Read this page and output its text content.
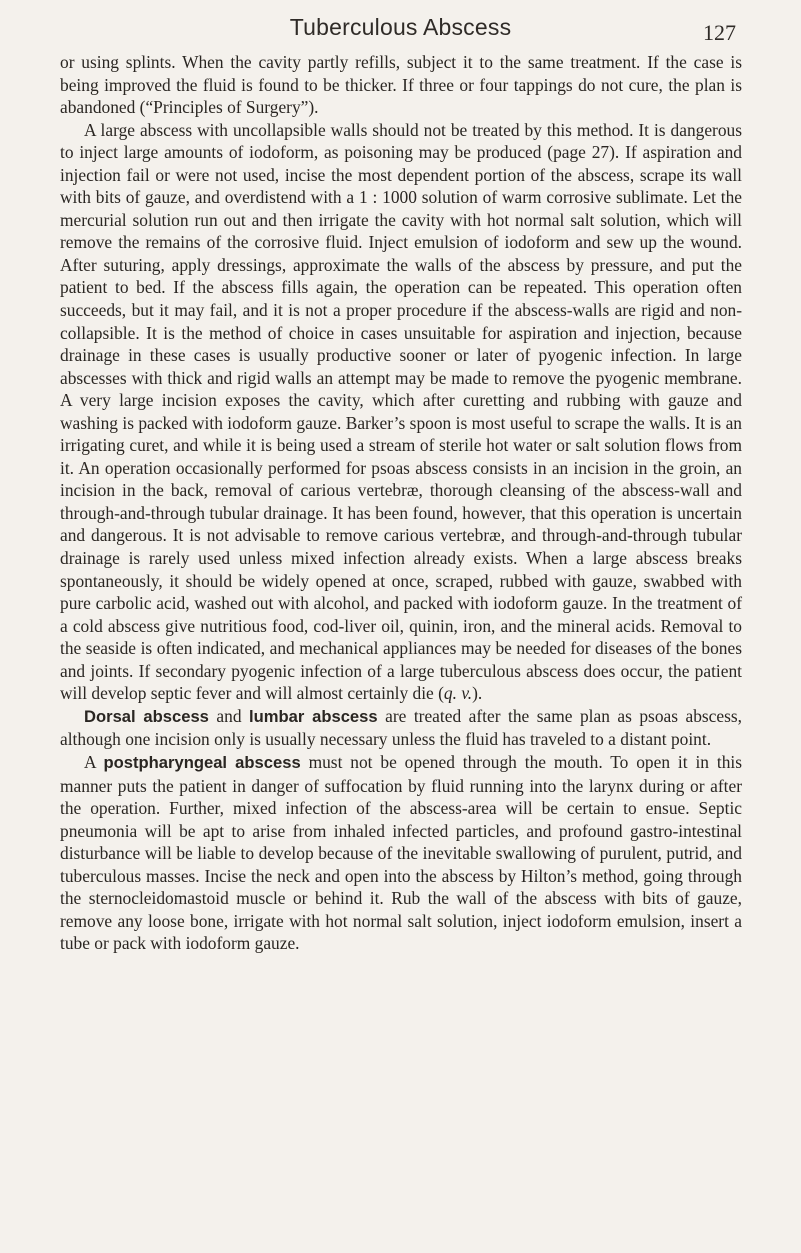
Tuberculous Abscess	127

or using splints. When the cavity partly refills, subject it to the same treatment. If the case is being improved the fluid is found to be thicker. If three or four tappings do not cure, the plan is abandoned (“Principles of Surgery”).

A large abscess with uncollapsible walls should not be treated by this method. It is dangerous to inject large amounts of iodoform, as poisoning may be produced (page 27). If aspiration and injection fail or were not used, incise the most dependent portion of the abscess, scrape its wall with bits of gauze, and overdistend with a 1 : 1000 solution of warm corrosive sublimate. Let the mercurial solution run out and then irrigate the cavity with hot normal salt solution, which will remove the remains of the corrosive fluid. Inject emulsion of iodoform and sew up the wound. After suturing, apply dressings, approximate the walls of the abscess by pressure, and put the patient to bed. If the abscess fills again, the operation can be repeated. This operation often succeeds, but it may fail, and it is not a proper procedure if the abscess-walls are rigid and non-collapsible. It is the method of choice in cases unsuitable for aspiration and injection, because drainage in these cases is usually productive sooner or later of pyogenic infection. In large abscesses with thick and rigid walls an attempt may be made to remove the pyogenic membrane. A very large incision exposes the cavity, which after curetting and rubbing with gauze and washing is packed with iodoform gauze. Barker’s spoon is most useful to scrape the walls. It is an irrigating curet, and while it is being used a stream of sterile hot water or salt solution flows from it. An operation occasionally performed for psoas abscess consists in an incision in the groin, an incision in the back, removal of carious vertebræ, thorough cleansing of the abscess-wall and through-and-through tubular drainage. It has been found, however, that this operation is uncertain and dangerous. It is not advisable to remove carious vertebræ, and through-and-through tubular drainage is rarely used unless mixed infection already exists. When a large abscess breaks spontaneously, it should be widely opened at once, scraped, rubbed with gauze, swabbed with pure carbolic acid, washed out with alcohol, and packed with iodoform gauze. In the treatment of a cold abscess give nutritious food, cod-liver oil, quinin, iron, and the mineral acids. Removal to the seaside is often indicated, and mechanical appliances may be needed for diseases of the bones and joints. If secondary pyogenic infection of a large tuberculous abscess does occur, the patient will develop septic fever and will almost certainly die (q. v.).

Dorsal abscess and lumbar abscess are treated after the same plan as psoas abscess, although one incision only is usually necessary unless the fluid has traveled to a distant point.

A postpharyngeal abscess must not be opened through the mouth. To open it in this manner puts the patient in danger of suffocation by fluid running into the larynx during or after the operation. Further, mixed infection of the abscess-area will be certain to ensue. Septic pneumonia will be apt to arise from inhaled infected particles, and profound gastro-intestinal disturbance will be liable to develop because of the inevitable swallowing of purulent, putrid, and tuberculous masses. Incise the neck and open into the abscess by Hilton’s method, going through the sternocleidomastoid muscle or behind it. Rub the wall of the abscess with bits of gauze, remove any loose bone, irrigate with hot normal salt solution, inject iodoform emulsion, insert a tube or pack with iodoform gauze.
